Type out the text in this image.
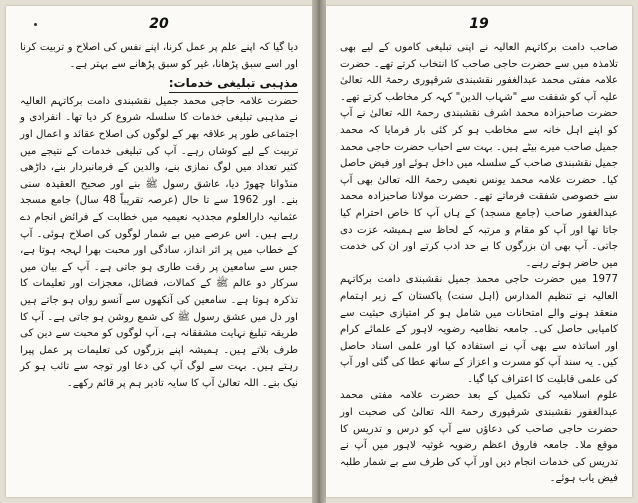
20

دیا گیا کہ اپنے علم پر عمل کرنا، اپنے نفس کی اصلاح و تربیت کرنا اور اسے سبق پڑھانا، غیر کو سبق پڑھانے سے بہتر ہے۔

مذہبی تبلیغی خدمات:

حضرت علامہ حاجی محمد جمیل نقشبندی دامت برکاتہم العالیہ نے مذہبی تبلیغی خدمات کا سلسلہ شروع کر دیا تھا۔ انفرادی و اجتماعی طور پر علاقہ بھر کے لوگوں کی اصلاح عقائد و اعمال اور تربیت کے لیے کوشاں رہے۔ آپ کی تبلیغی خدمات کے نتیجے میں کثیر تعداد میں لوگ نمازی بنے، والدین کے فرمانبردار بنے، داڑھی منڈوانا چھوڑ دیا، عاشق رسول ﷺ بنے اور صحیح العقیدہ سنی بنے۔ اور 1962 سے تا حال (عرصہ تقریباً 48 سال) جامع مسجد عثمانیہ دارالعلوم مجددیہ نعیمیہ میں خطابت کے فرائض انجام دے رہے ہیں۔ اس عرصے میں بے شمار لوگوں کی اصلاح ہوئی۔ آپ کے خطاب میں پر اثر انداز، سادگی اور محبت بھرا لہجہ ہوتا ہے، جس سے سامعین پر رقت طاری ہو جاتی ہے۔ آپ کے بیان میں سرکار دو عالم ﷺ کے کمالات، فضائل، معجزات اور تعلیمات کا تذکرہ ہوتا ہے۔ سامعین کی آنکھوں سے آنسو رواں ہو جاتے ہیں اور دل میں عشق رسول ﷺ کی شمع روشن ہو جاتی ہے۔ آپ کا طریقہ تبلیغ نہایت مشفقانہ ہے، آپ لوگوں کو محبت سے دین کی طرف بلاتے ہیں۔ ہمیشہ اپنے بزرگوں کی تعلیمات پر عمل پیرا رہتے ہیں۔ بہت سے لوگ آپ کی دعا اور توجہ سے تائب ہو کر نیک بنے۔ اللہ تعالیٰ آپ کا سایہ تادیر ہم پر قائم رکھے۔

19

صاحب دامت برکاتہم العالیہ نے اپنی تبلیغی کاموں کے لیے بھی تلامذہ میں سے حضرت حاجی صاحب کا انتخاب کرتے تھے۔ حضرت علامہ مفتی محمد عبدالغفور نقشبندی شرقپوری رحمۃ اللہ تعالیٰ علیہ آپ کو شفقت سے "شہاب الدین" کہہ کر مخاطب کرتے تھے۔ حضرت صاحبزادہ محمد اشرف نقشبندی رحمۃ اللہ تعالیٰ نے آپ کو اپنے اہل خانہ سے مخاطب ہو کر کئی بار فرمایا کہ محمد جمیل صاحب میرے بیٹے ہیں۔ بہت سے احباب حضرت حاجی محمد جمیل نقشبندی صاحب کے سلسلہ میں داخل ہوئے اور فیض حاصل کیا۔ حضرت علامہ محمد یونس نعیمی رحمۃ اللہ تعالیٰ بھی آپ سے خصوصی شفقت فرماتے تھے۔ حضرت مولانا صاحبزادہ محمد عبدالغفور صاحب (جامع مسجد) کے ہاں آپ کا خاص احترام کیا جاتا تھا اور آپ کو مقام و مرتبہ کے لحاظ سے ہمیشہ عزت دی جاتی۔ آپ بھی ان بزرگوں کا بے حد ادب کرتے اور ان کی خدمت میں حاضر ہوتے رہے۔

1977 میں حضرت حاجی محمد جمیل نقشبندی دامت برکاتہم العالیہ نے تنظیم المدارس (اہل سنت) پاکستان کے زیر اہتمام منعقد ہونے والے امتحانات میں شامل ہو کر امتیازی حیثیت سے کامیابی حاصل کی۔ جامعہ نظامیہ رضویہ لاہور کے علمائے کرام اور اساتذہ سے بھی آپ نے استفادہ کیا اور علمی اسناد حاصل کیں۔ یہ سند آپ کو مسرت و اعزاز کے ساتھ عطا کی گئی اور آپ کی علمی قابلیت کا اعتراف کیا گیا۔

علوم اسلامیہ کی تکمیل کے بعد حضرت علامہ مفتی محمد عبدالغفور نقشبندی شرقپوری رحمۃ اللہ تعالیٰ کی صحبت اور حضرت حاجی صاحب کی دعاؤں سے آپ کو درس و تدریس کا موقع ملا۔ جامعہ فاروق اعظم رضویہ غوثیہ لاہور میں آپ نے تدریس کی خدمات انجام دیں اور آپ کی طرف سے بے شمار طلبہ فیض یاب ہوئے۔
